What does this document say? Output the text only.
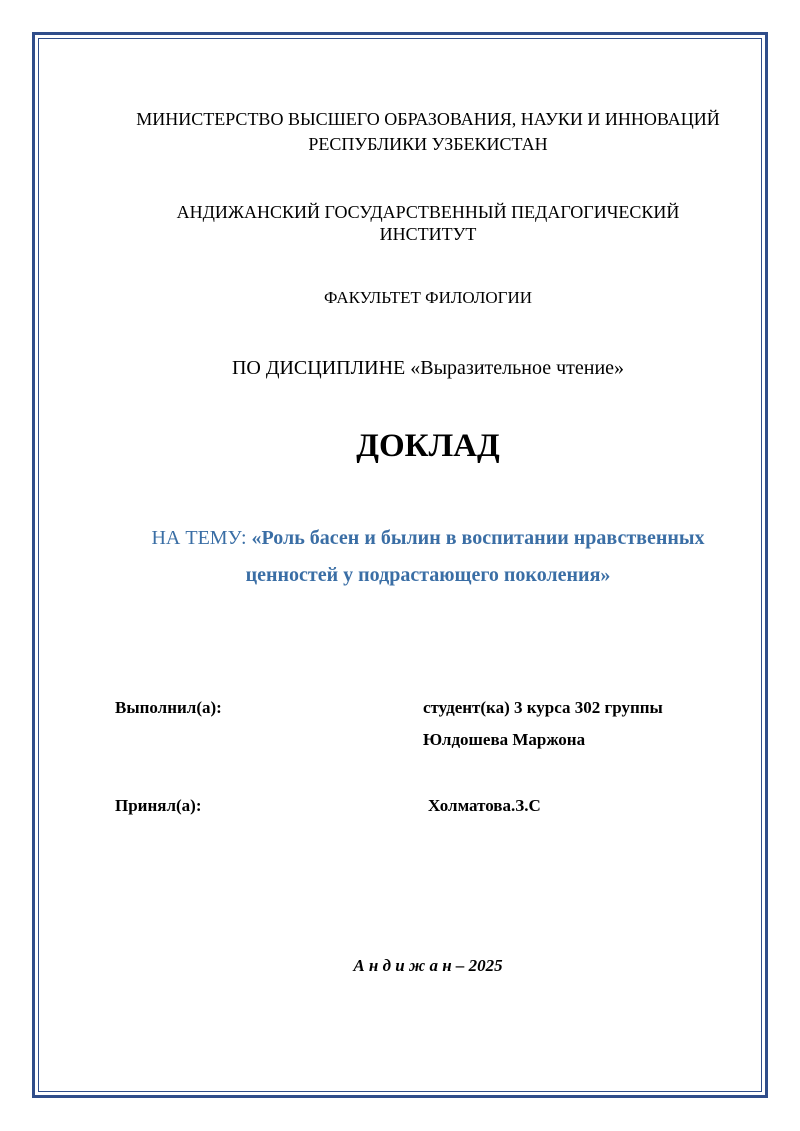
МИНИСТЕРСТВО ВЫСШЕГО ОБРАЗОВАНИЯ, НАУКИ И ИННОВАЦИЙ
РЕСПУБЛИКИ УЗБЕКИСТАН
АНДИЖАНСКИЙ ГОСУДАРСТВЕННЫЙ ПЕДАГОГИЧЕСКИЙ
ИНСТИТУТ
ФАКУЛЬТЕТ ФИЛОЛОГИИ
ПО ДИСЦИПЛИНЕ «Выразительное чтение»
ДОКЛАД
НА ТЕМУ: «Роль басен и былин в воспитании нравственных
ценностей у подрастающего поколения»
Выполнил(а):	студент(ка) 3 курса 302 группы
Юлдошева Маржона
Принял(а):	Холматова.З.С
А н д и ж а н – 2025
